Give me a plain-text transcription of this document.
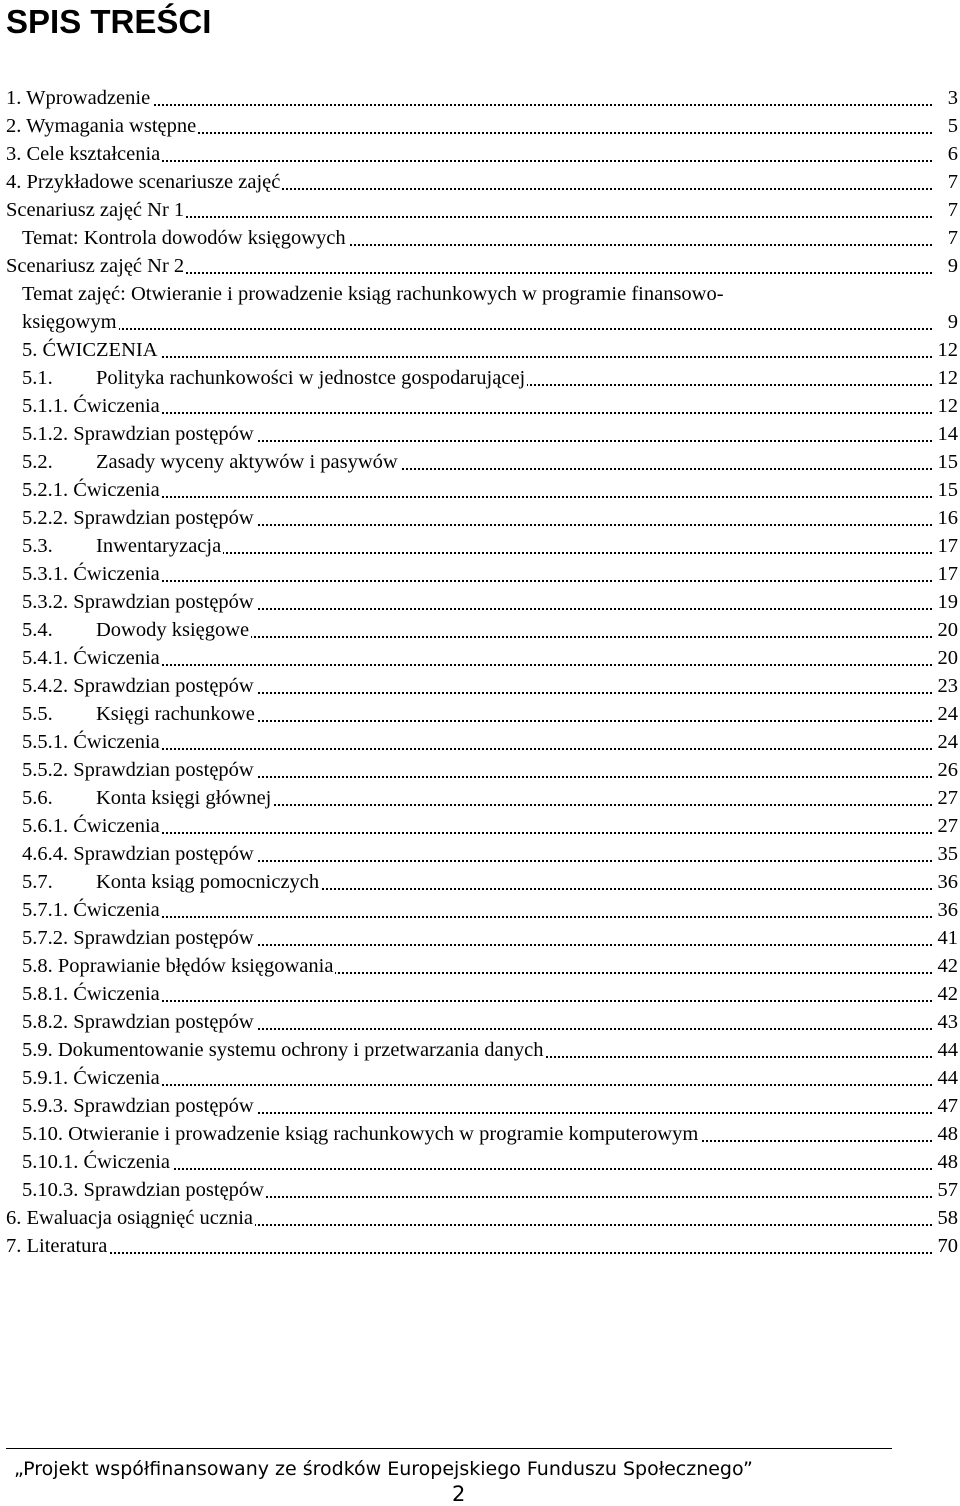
SPIS TREŚCI
1. Wprowadzenie	3
2. Wymagania wstępne	5
3. Cele kształcenia	6
4. Przykładowe scenariusze zajęć	7
Scenariusz zajęć Nr 1	7
Temat: Kontrola dowodów księgowych	7
Scenariusz zajęć Nr 2	9
Temat zajęć: Otwieranie i prowadzenie ksiąg rachunkowych w programie finansowo-
księgowym	9
5. ĆWICZENIA	12
5.1. Polityka rachunkowości w jednostce gospodarującej	12
5.1.1. Ćwiczenia	12
5.1.2. Sprawdzian postępów	14
5.2. Zasady wyceny aktywów i pasywów	15
5.2.1. Ćwiczenia	15
5.2.2. Sprawdzian postępów	16
5.3. Inwentaryzacja	17
5.3.1. Ćwiczenia	17
5.3.2. Sprawdzian postępów	19
5.4. Dowody księgowe	20
5.4.1. Ćwiczenia	20
5.4.2. Sprawdzian postępów	23
5.5. Księgi rachunkowe	24
5.5.1. Ćwiczenia	24
5.5.2. Sprawdzian postępów	26
5.6. Konta księgi głównej	27
5.6.1. Ćwiczenia	27
4.6.4. Sprawdzian postępów	35
5.7. Konta ksiąg pomocniczych	36
5.7.1. Ćwiczenia	36
5.7.2. Sprawdzian postępów	41
5.8. Poprawianie błędów księgowania	42
5.8.1. Ćwiczenia	42
5.8.2. Sprawdzian postępów	43
5.9. Dokumentowanie systemu ochrony i przetwarzania danych	44
5.9.1. Ćwiczenia	44
5.9.3. Sprawdzian postępów	47
5.10. Otwieranie i prowadzenie ksiąg rachunkowych w programie komputerowym	48
5.10.1. Ćwiczenia	48
5.10.3. Sprawdzian postępów	57
6. Ewaluacja osiągnięć ucznia	58
7. Literatura	70
„Projekt współfinansowany ze środków Europejskiego Funduszu Społecznego”
2
